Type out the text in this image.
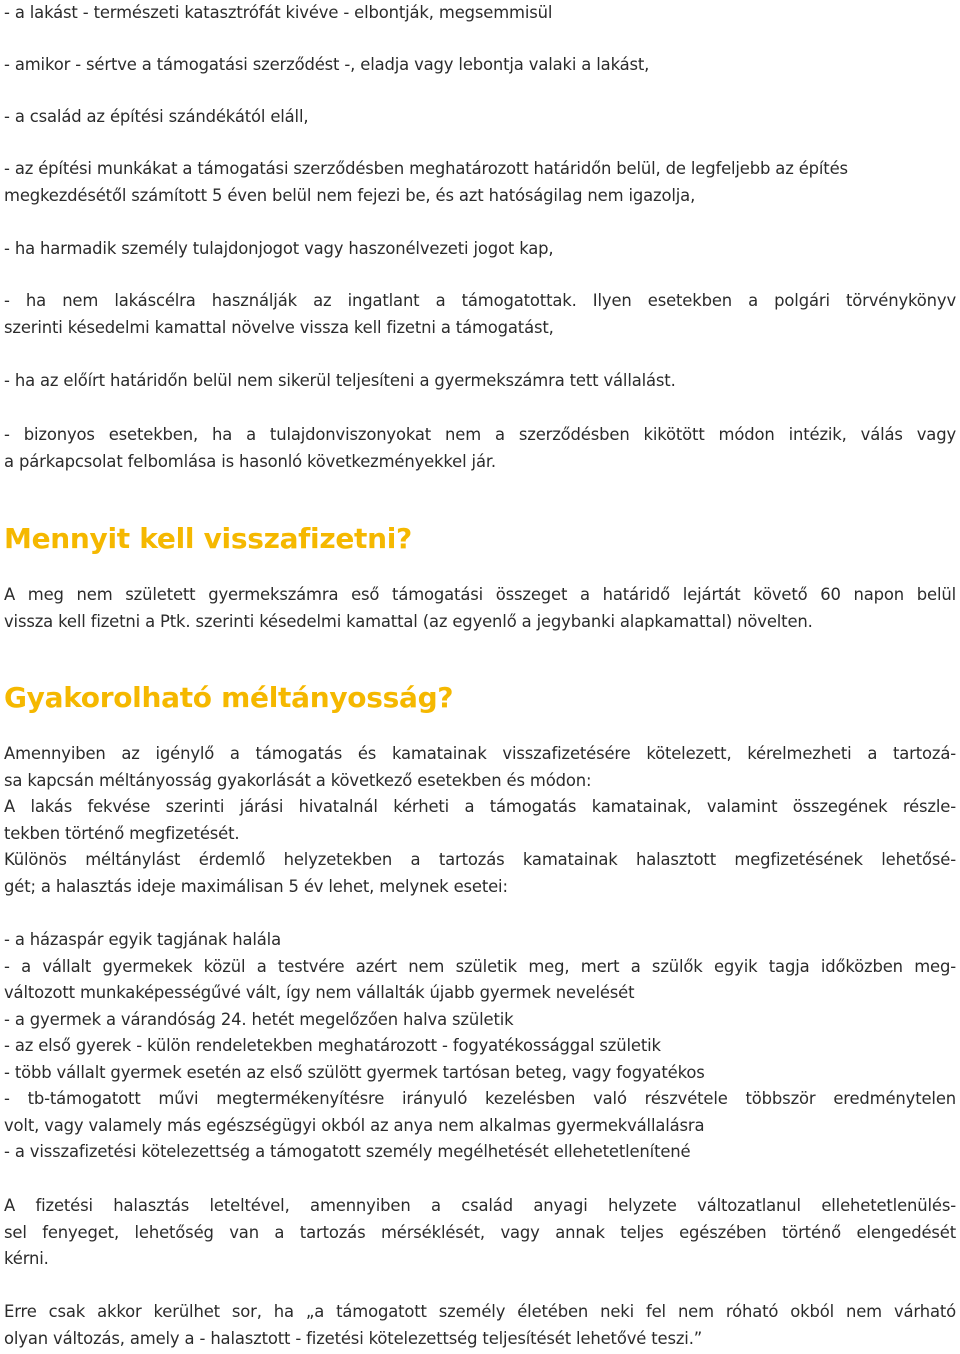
- a lakást - természeti katasztrófát kivéve - elbontják, megsemmisül

- amikor - sértve a támogatási szerződést -, eladja vagy lebontja valaki a lakást,

- a család az építési szándékától eláll,

- az építési munkákat a támogatási szerződésben meghatározott határidőn belül, de legfeljebb az építés
megkezdésétől számított 5 éven belül nem fejezi be, és azt hatóságilag nem igazolja,

- ha harmadik személy tulajdonjogot vagy haszonélvezeti jogot kap,

- ha nem lakáscélra használják az ingatlant a támogatottak. Ilyen esetekben a polgári törvénykönyv
szerinti késedelmi kamattal növelve vissza kell fizetni a támogatást,

- ha az előírt határidőn belül nem sikerül teljesíteni a gyermekszámra tett vállalást.

- bizonyos esetekben, ha a tulajdonviszonyokat nem a szerződésben kikötött módon intézik, válás vagy
a párkapcsolat felbomlása is hasonló következményekkel jár.

Mennyit kell visszafizetni?

A meg nem született gyermekszámra eső támogatási összeget a határidő lejártát követő 60 napon belül
vissza kell fizetni a Ptk. szerinti késedelmi kamattal (az egyenlő a jegybanki alapkamattal) növelten.

Gyakorolható méltányosság?

Amennyiben az igénylő a támogatás és kamatainak visszafizetésére kötelezett, kérelmezheti a tartozá-
sa kapcsán méltányosság gyakorlását a következő esetekben és módon:
A lakás fekvése szerinti járási hivatalnál kérheti a támogatás kamatainak, valamint összegének részle-
tekben történő megfizetését.
Különös méltánylást érdemlő helyzetekben a tartozás kamatainak halasztott megfizetésének lehetősé-
gét; a halasztás ideje maximálisan 5 év lehet, melynek esetei:

- a házaspár egyik tagjának halála
- a vállalt gyermekek közül a testvére azért nem születik meg, mert a szülők egyik tagja időközben meg-
változott munkaképességűvé vált, így nem vállalták újabb gyermek nevelését
- a gyermek a várandóság 24. hetét megelőzően halva születik
- az első gyerek - külön rendeletekben meghatározott - fogyatékossággal születik
- több vállalt gyermek esetén az első szülött gyermek tartósan beteg, vagy fogyatékos
- tb-támogatott művi megtermékenyítésre irányuló kezelésben való részvétele többször eredménytelen
volt, vagy valamely más egészségügyi okból az anya nem alkalmas gyermekvállalásra
- a visszafizetési kötelezettség a támogatott személy megélhetését ellehetetlenítené

A fizetési halasztás leteltével, amennyiben a család anyagi helyzete változatlanul ellehetetlenülés-
sel fenyeget, lehetőség van a tartozás mérséklését, vagy annak teljes egészében történő elengedését
kérni.

Erre csak akkor kerülhet sor, ha „a támogatott személy életében neki fel nem róható okból nem várható
olyan változás, amely a - halasztott - fizetési kötelezettség teljesítését lehetővé teszi.”
